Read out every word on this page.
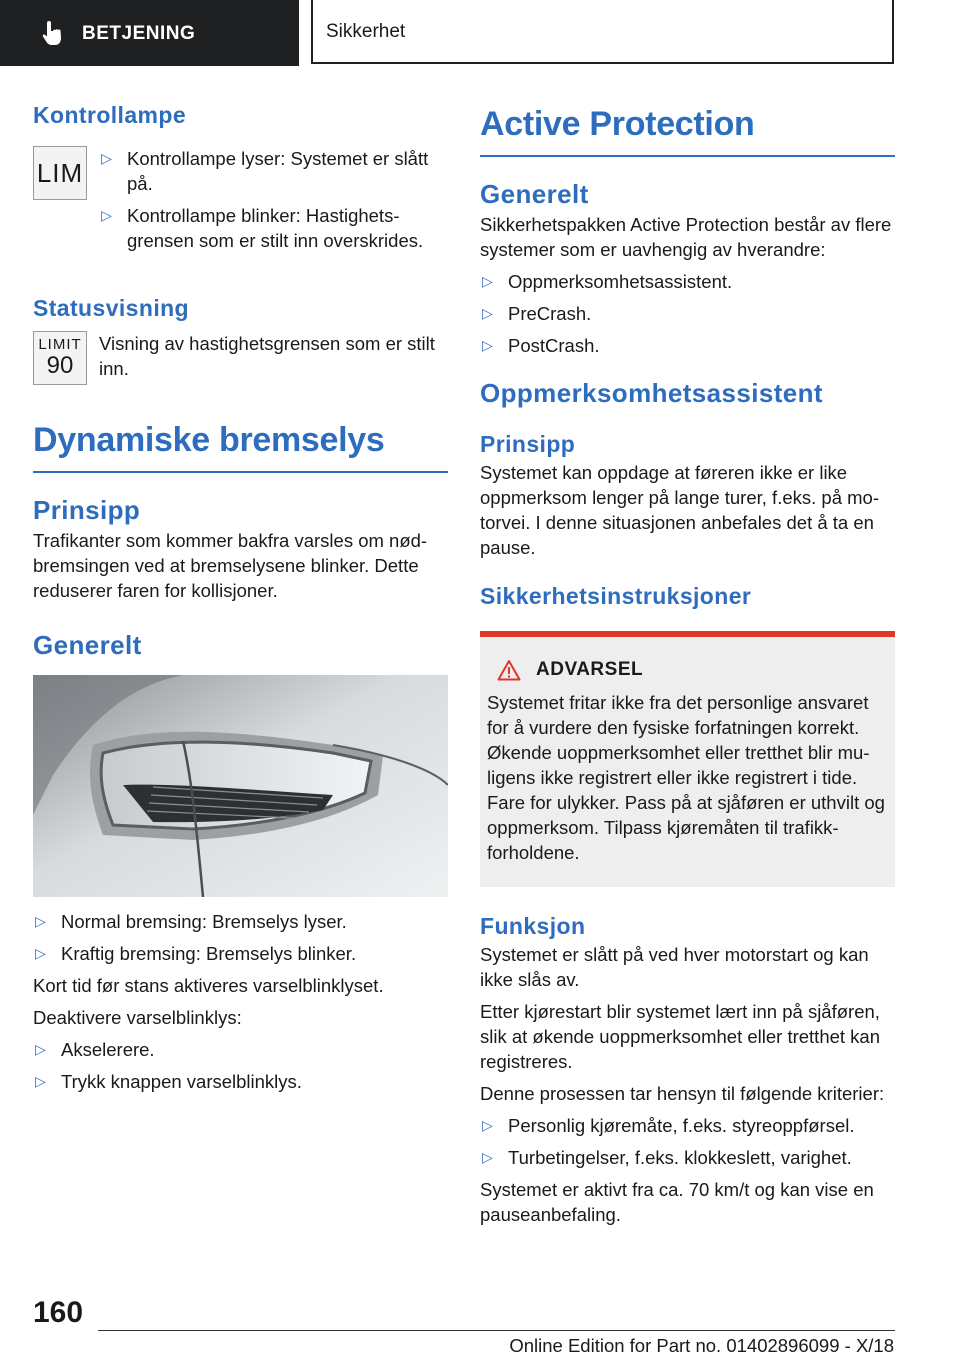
BETJENING	Sikkerhet
Kontrollampe
LIM ▷ Kontrollampe lyser: Systemet er slått på.
▷ Kontrollampe blinker: Hastighetsgrensen som er stilt inn overskrides.
Statusvisning
LIMIT
90
Visning av hastighetsgrensen som er stilt inn.
Dynamiske bremselys
Prinsipp

Trafikanter som kommer bakfra varsles om nødbremsingen ved at bremselysene blinker. Dette reduserer faren for kollisjoner.

Generelt
▷ Normal bremsing: Bremselys lyser.
▷ Kraftig bremsing: Bremselys blinker.

Kort tid før stans aktiveres varselblinklyset.

Deaktivere varselblinklys:

▷ Akselerere.
▷ Trykk knappen varselblinklys.
Active Protection
Generelt

Sikkerhetspakken Active Protection består av flere systemer som er uavhengig av hverandre:

▷ Oppmerksomhetsassistent.
▷ PreCrash.
▷ PostCrash.
Oppmerksomhetsassistent
Prinsipp

Systemet kan oppdage at føreren ikke er like oppmerksom lenger på lange turer, f.eks. på motorvei. I denne situasjonen anbefales det å ta en pause.

Sikkerhetsinstruksjoner
ADVARSEL

Systemet fritar ikke fra det personlige ansvaret for å vurdere den fysiske forfatningen korrekt. Økende uoppmerksomhet eller tretthet blir muligens ikke registrert eller ikke registrert i tide. Fare for ulykker. Pass på at sjåføren er uthvilt og oppmerksom. Tilpass kjøremåten til trafikkforholdene.

Funksjon

Systemet er slått på ved hver motorstart og kan ikke slås av.

Etter kjørestart blir systemet lært inn på sjåføren, slik at økende uoppmerksomhet eller tretthet kan registreres.

Denne prosessen tar hensyn til følgende kriterier:

▷ Personlig kjøremåte, f.eks. styreoppførsel.
▷ Turbetingelser, f.eks. klokkeslett, varighet.

Systemet er aktivt fra ca. 70 km/t og kan vise en pauseanbefaling.

160
Online Edition for Part no. 01402896099 - X/18
